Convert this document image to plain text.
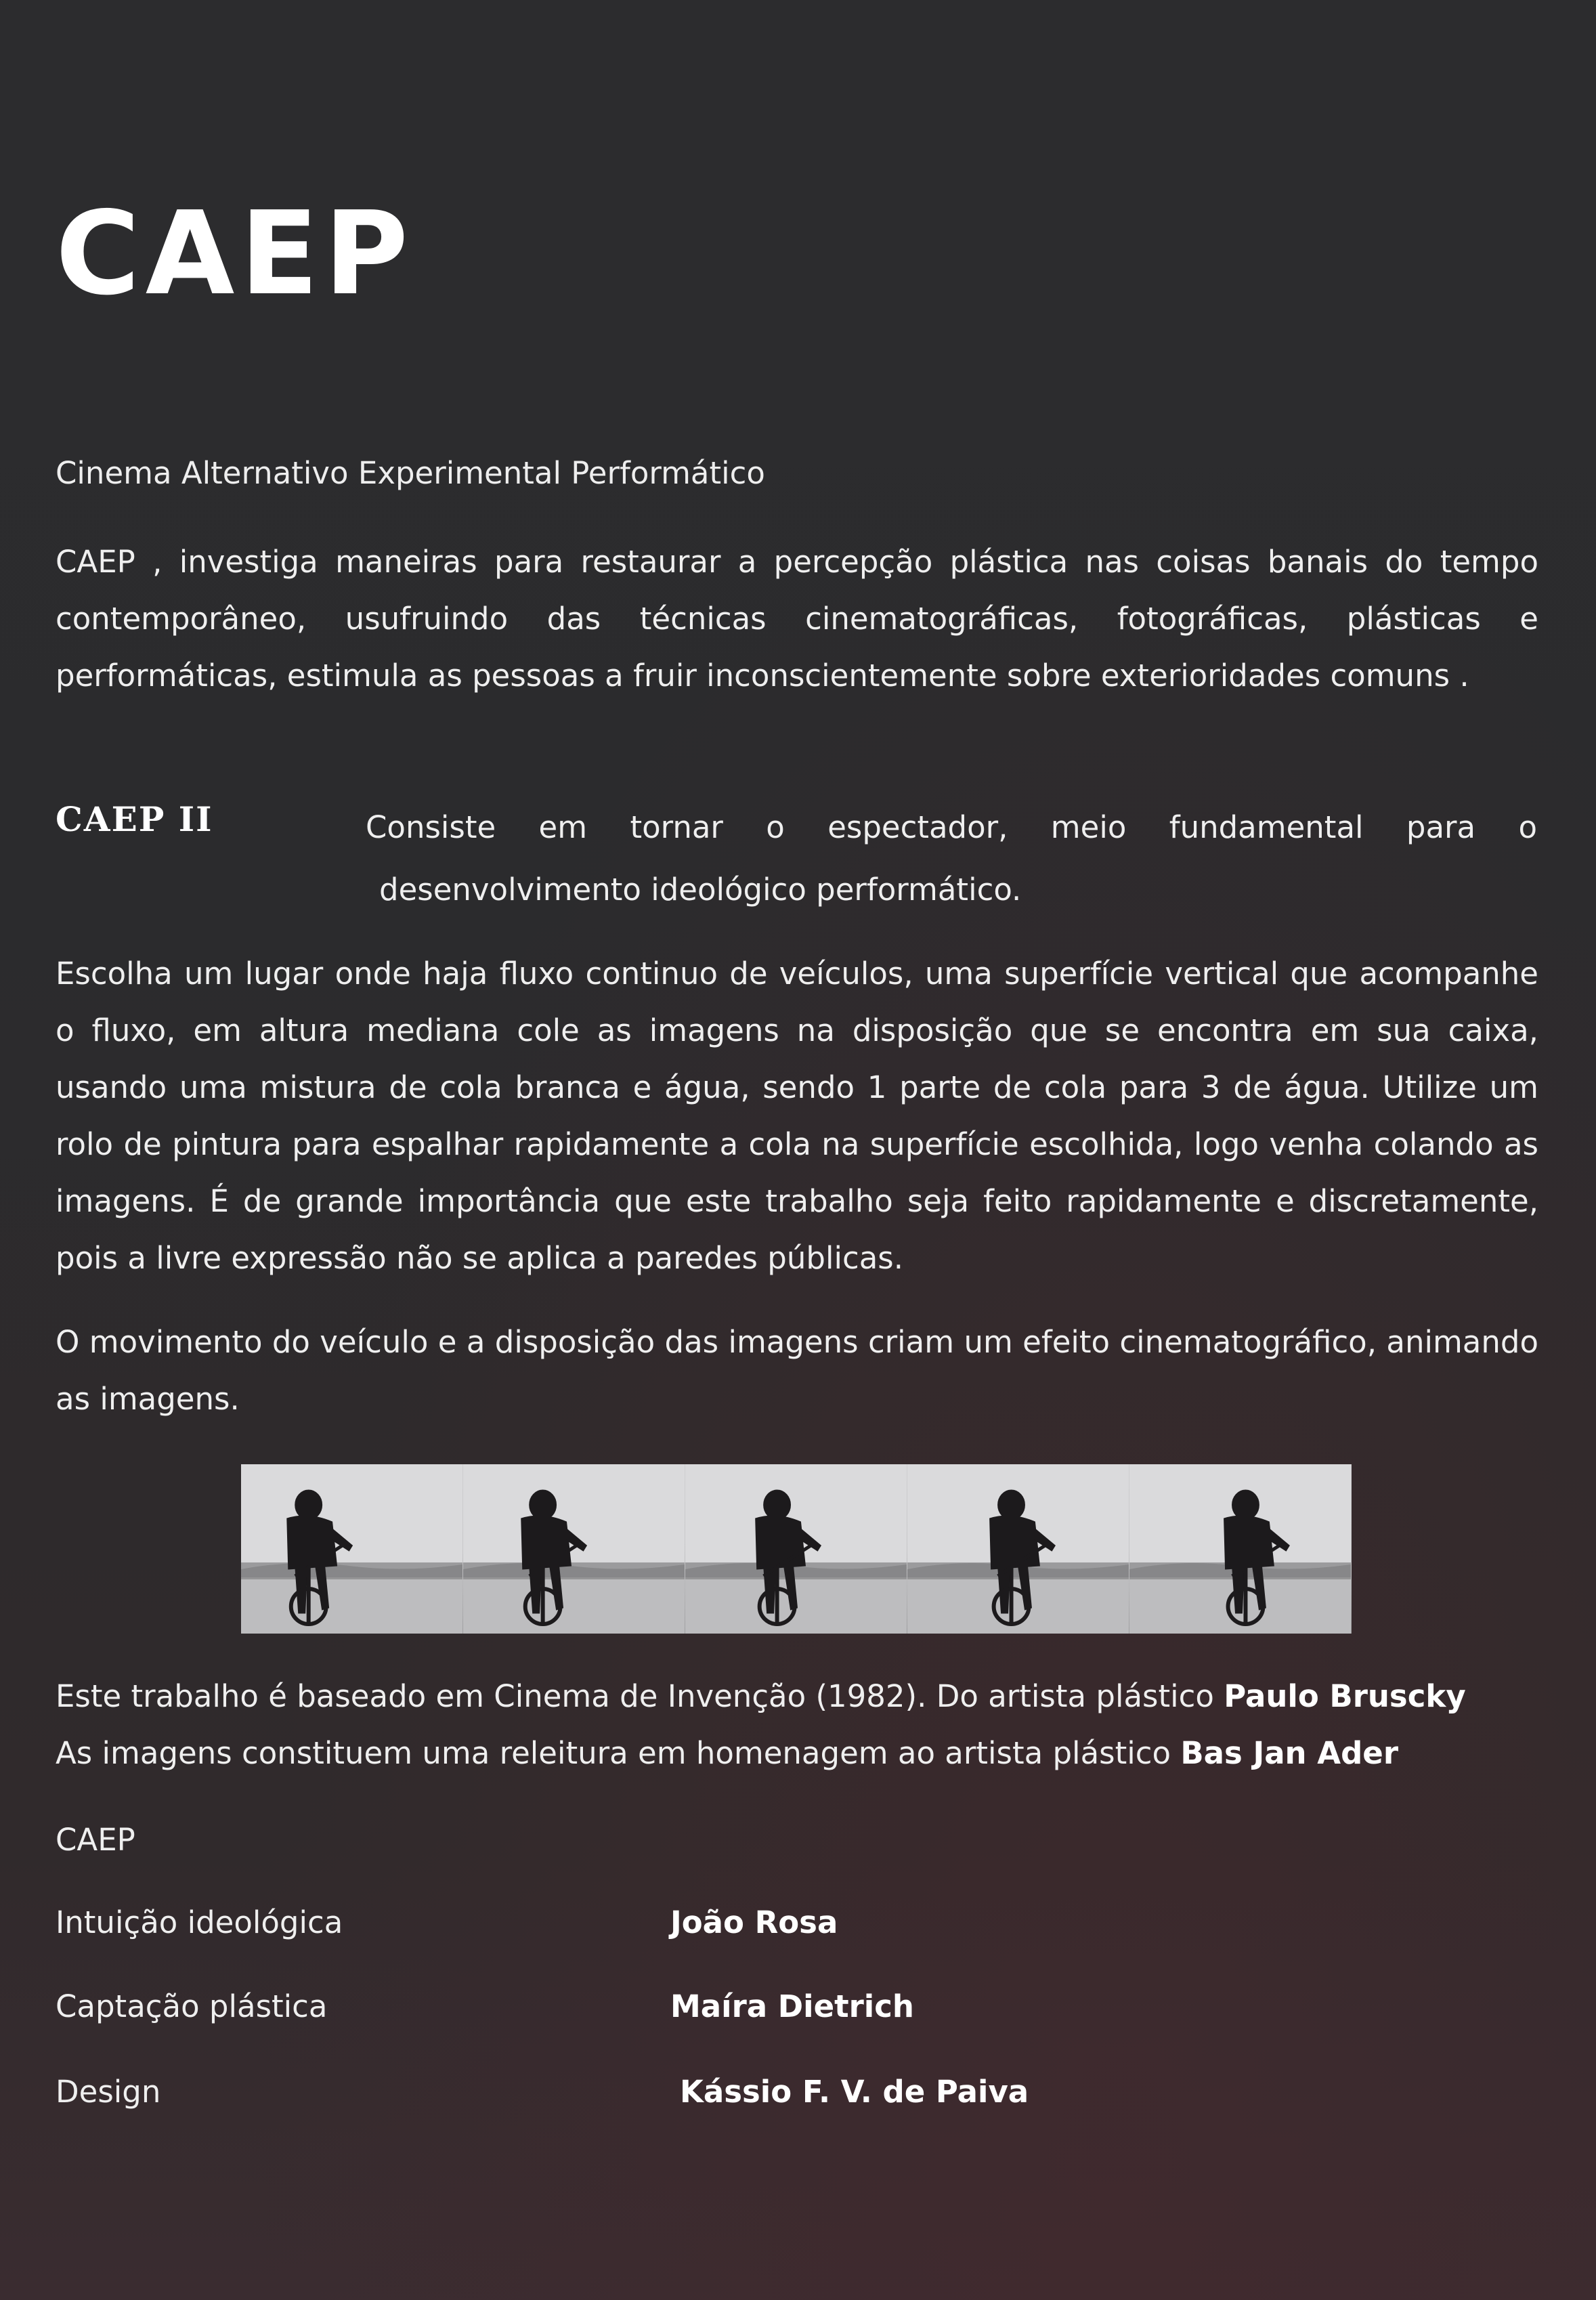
CAEP

Cinema Alternativo Experimental Performático

CAEP , investiga maneiras para restaurar a percepção plástica nas coisas banais do tempo contemporâneo, usufruindo das técnicas cinematográficas, fotográficas, plásticas e performáticas, estimula as pessoas a fruir inconscientemente sobre exterioridades comuns .

CAEP II	Consiste em tornar o espectador, meio fundamental para o

desenvolvimento ideológico performático.

Escolha um lugar onde haja fluxo continuo de veículos, uma superfície vertical que acompanhe o fluxo, em altura mediana cole as imagens na disposição que se encontra em sua caixa, usando uma mistura de cola branca e água, sendo 1 parte de cola para 3 de água. Utilize um rolo de pintura para espalhar rapidamente a cola na superfície escolhida, logo venha colando as imagens. É de grande importância que este trabalho seja feito rapidamente e discretamente, pois a livre expressão não se aplica a paredes públicas.

O movimento do veículo e a disposição das imagens criam um efeito cinematográfico, animando as imagens.

Este trabalho é baseado em Cinema de Invenção (1982). Do artista plástico Paulo Bruscky

As imagens constituem uma releitura em homenagem ao artista plástico Bas Jan Ader

CAEP

Intuição ideológica	João Rosa

Captação plástica	Maíra Dietrich

Design	Kássio F. V. de Paiva
